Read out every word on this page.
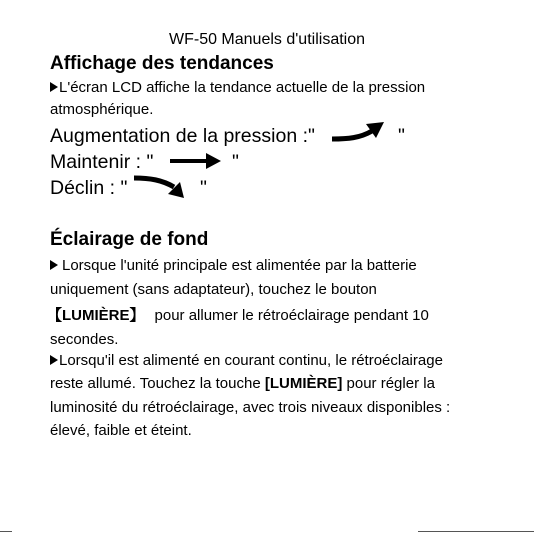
WF-50 Manuels d'utilisation
Affichage des tendances
L'écran LCD affiche la tendance actuelle de la pression
atmosphérique.
Augmentation de la pression :"	"
Maintenir : "	"
Déclin : "	"
Éclairage de fond
Lorsque l'unité principale est alimentée par la batterie
uniquement (sans adaptateur), touchez le bouton
【LUMIÈRE】 pour allumer le rétroéclairage pendant 10
secondes.
Lorsqu'il est alimenté en courant continu, le rétroéclairage
reste allumé. Touchez la touche [LUMIÈRE] pour régler la
luminosité du rétroéclairage, avec trois niveaux disponibles :
élevé, faible et éteint.
